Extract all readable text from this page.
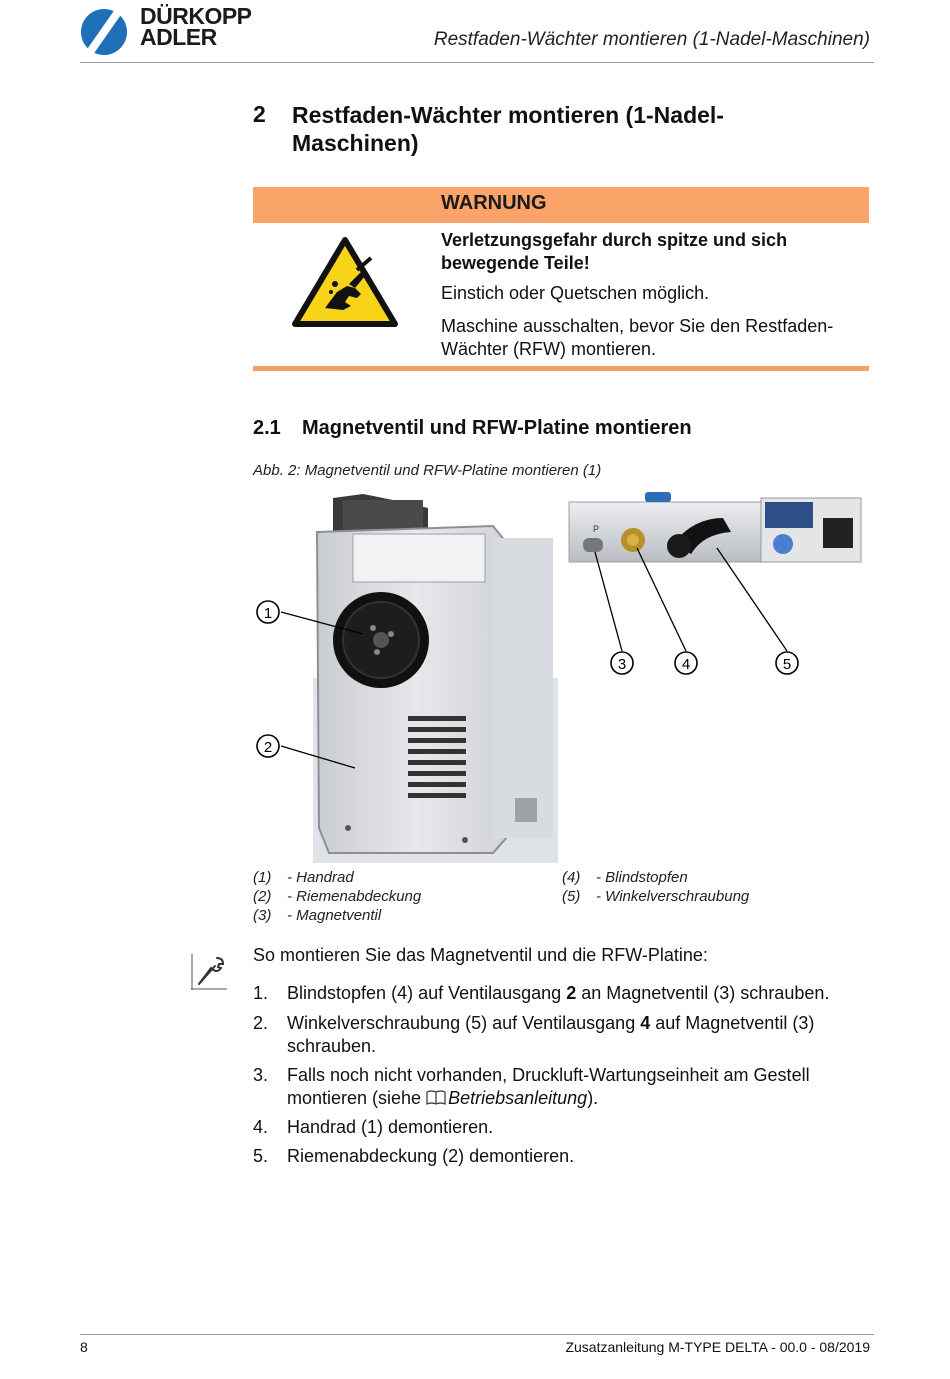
DÜRKOPP
ADLER	Restfaden-Wächter montieren (1-Nadel-Maschinen)
2 Restfaden-Wächter montieren (1-Nadel-Maschinen)
WARNUNG
Verletzungsgefahr durch spitze und sich bewegende Teile!
Einstich oder Quetschen möglich.
Maschine ausschalten, bevor Sie den Restfaden-Wächter (RFW) montieren.
2.1 Magnetventil und RFW-Platine montieren
Abb. 2: Magnetventil und RFW-Platine montieren (1)
P
1
2
3	4	5
(1) - Handrad
(2) - Riemenabdeckung
(3) - Magnetventil
(4) - Blindstopfen
(5) - Winkelverschraubung
So montieren Sie das Magnetventil und die RFW-Platine:
1. Blindstopfen (4) auf Ventilausgang 2 an Magnetventil (3) schrauben.
2. Winkelverschraubung (5) auf Ventilausgang 4 auf Magnetventil (3) schrauben.
3. Falls noch nicht vorhanden, Druckluft-Wartungseinheit am Gestell montieren (siehe Betriebsanleitung).
4. Handrad (1) demontieren.
5. Riemenabdeckung (2) demontieren.
8	Zusatzanleitung M-TYPE DELTA - 00.0 - 08/2019
